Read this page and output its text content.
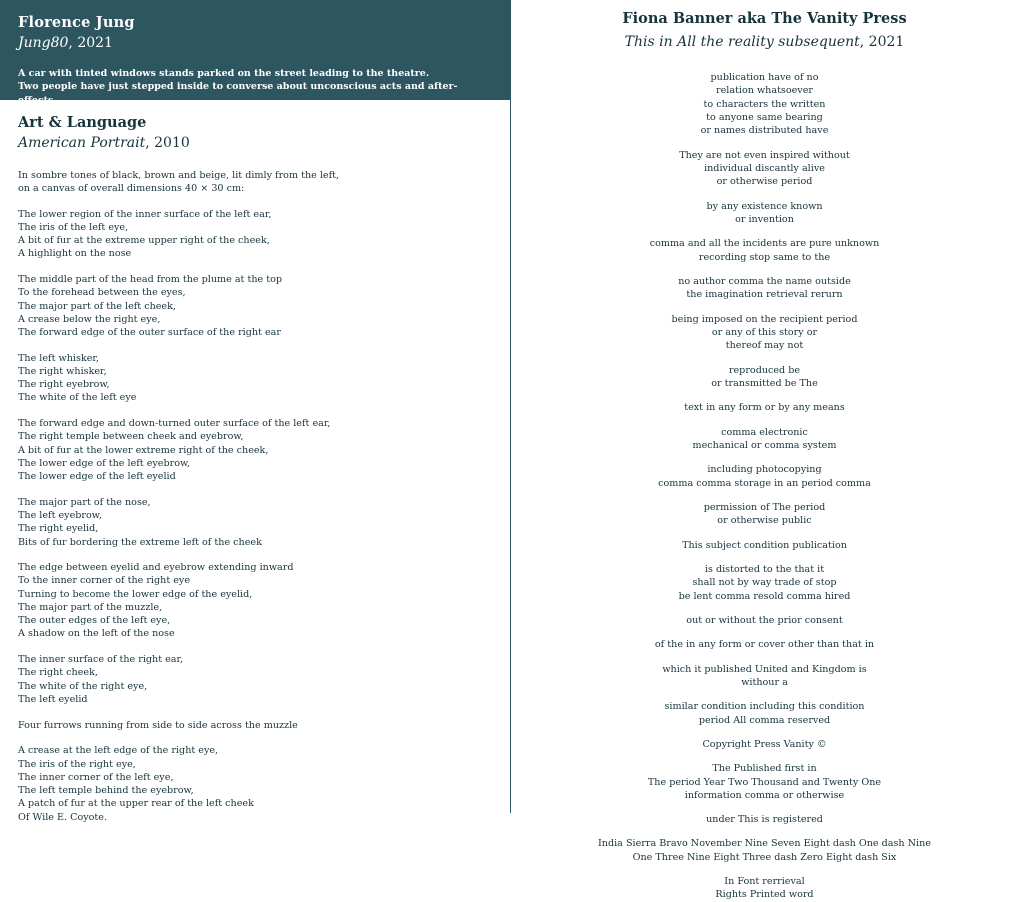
Florence Jung
Jung80, 2021
A car with tinted windows stands parked on the street leading to the theatre.
Two people have just stepped inside to converse about unconscious acts and after-effects.
Art & Language
American Portrait, 2010
In sombre tones of black, brown and beige, lit dimly from the left,
on a canvas of overall dimensions 40 × 30 cm:
The lower region of the inner surface of the left ear,
The iris of the left eye,
A bit of fur at the extreme upper right of the cheek,
A highlight on the nose
The middle part of the head from the plume at the top
To the forehead between the eyes,
The major part of the left cheek,
A crease below the right eye,
The forward edge of the outer surface of the right ear
The left whisker,
The right whisker,
The right eyebrow,
The white of the left eye
The forward edge and down-turned outer surface of the left ear,
The right temple between cheek and eyebrow,
A bit of fur at the lower extreme right of the cheek,
The lower edge of the left eyebrow,
The lower edge of the left eyelid
The major part of the nose,
The left eyebrow,
The right eyelid,
Bits of fur bordering the extreme left of the cheek
The edge between eyelid and eyebrow extending inward
To the inner corner of the right eye
Turning to become the lower edge of the eyelid,
The major part of the muzzle,
The outer edges of the left eye,
A shadow on the left of the nose
The inner surface of the right ear,
The right cheek,
The white of the right eye,
The left eyelid
Four furrows running from side to side across the muzzle
A crease at the left edge of the right eye,
The iris of the right eye,
The inner corner of the left eye,
The left temple behind the eyebrow,
A patch of fur at the upper rear of the left cheek
Of Wile E. Coyote.
Fiona Banner aka The Vanity Press
This in All the reality subsequent, 2021
publication have of no
relation whatsoever
to characters the written
to anyone same bearing
or names distributed have
They are not even inspired without
individual discantly alive
or otherwise period
by any existence known
or invention
comma and all the incidents are pure unknown
recording stop same to the
no author comma the name outside
the imagination retrieval rerurn
being imposed on the recipient period
or any of this story or
thereof may not
reproduced be
or transmitted be The
text in any form or by any means
comma electronic
mechanical or comma system
including photocopying
comma comma storage in an period comma
permission of The period
or otherwise public
This subject condition publication
is distorted to the that it
shall not by way trade of stop
be lent comma resold comma hired
out or without the prior consent
of the in any form or cover other than that in
which it published United and Kingdom is
withour a
similar condition including this condition
period All comma reserved
Copyright Press Vanity ©
The Published first in
The period Year Two Thousand and Twenty One
information comma or otherwise
under This is registered
India Sierra Bravo November Nine Seven Eight dash One dash Nine
One Three Nine Eight Three dash Zero Eight dash Six
In Font rerrieval
Rights Printed word
